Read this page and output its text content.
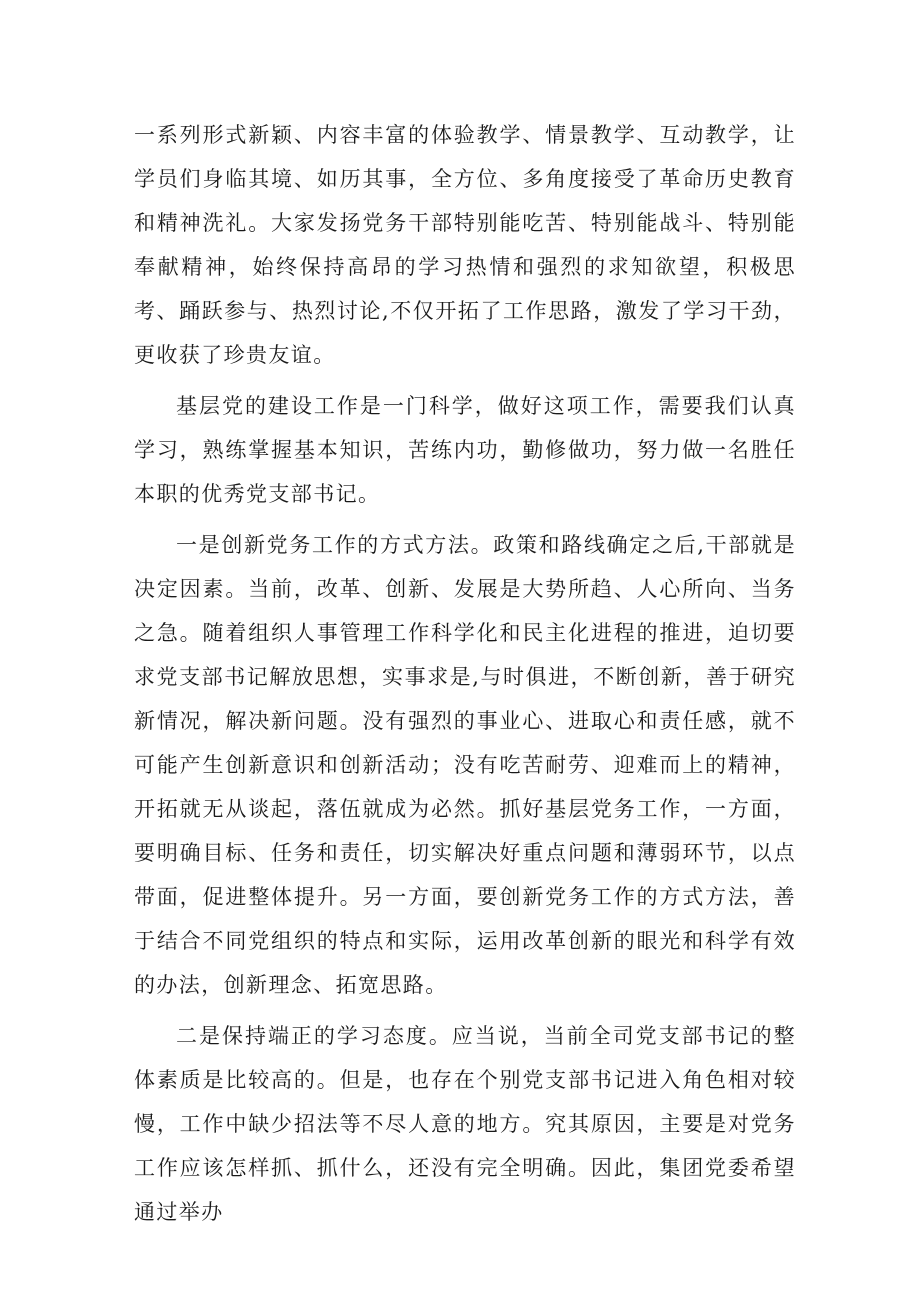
一系列形式新颖、内容丰富的体验教学、情景教学、互动教学，让学员们身临其境、如历其事，全方位、多角度接受了革命历史教育和精神洗礼。大家发扬党务干部特别能吃苦、特别能战斗、特别能奉献精神，始终保持高昂的学习热情和强烈的求知欲望，积极思考、踊跃参与、热烈讨论,不仅开拓了工作思路，激发了学习干劲，更收获了珍贵友谊。

基层党的建设工作是一门科学，做好这项工作，需要我们认真学习，熟练掌握基本知识，苦练内功，勤修做功，努力做一名胜任本职的优秀党支部书记。

一是创新党务工作的方式方法。政策和路线确定之后,干部就是决定因素。当前，改革、创新、发展是大势所趋、人心所向、当务之急。随着组织人事管理工作科学化和民主化进程的推进，迫切要求党支部书记解放思想，实事求是,与时俱进，不断创新，善于研究新情况，解决新问题。没有强烈的事业心、进取心和责任感，就不可能产生创新意识和创新活动；没有吃苦耐劳、迎难而上的精神，开拓就无从谈起，落伍就成为必然。抓好基层党务工作，一方面，要明确目标、任务和责任，切实解决好重点问题和薄弱环节，以点带面，促进整体提升。另一方面，要创新党务工作的方式方法，善于结合不同党组织的特点和实际，运用改革创新的眼光和科学有效的办法，创新理念、拓宽思路。

二是保持端正的学习态度。应当说，当前全司党支部书记的整体素质是比较高的。但是，也存在个别党支部书记进入角色相对较慢，工作中缺少招法等不尽人意的地方。究其原因，主要是对党务工作应该怎样抓、抓什么，还没有完全明确。因此，集团党委希望通过举办
